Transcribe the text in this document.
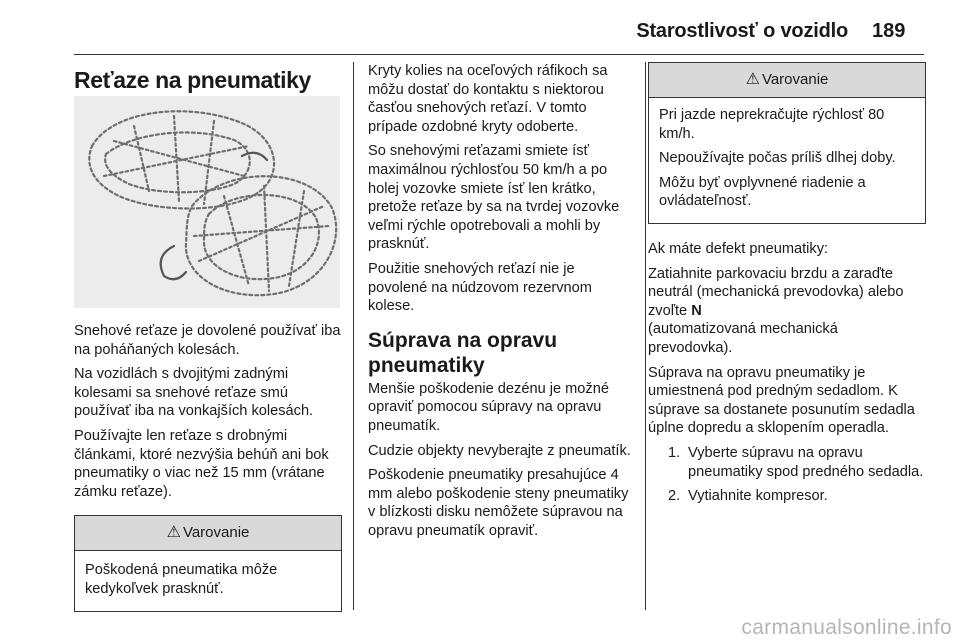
Starostlivosť o vozidlo 189
Reťaze na pneumatiky

Snehové reťaze je dovolené používať iba na poháňaných kolesách.

Na vozidlách s dvojitými zadnými kolesami sa snehové reťaze smú používať iba na vonkajších kolesách.

Používajte len reťaze s drobnými článkami, ktoré nezvýšia behúň ani bok pneumatiky o viac než 15 mm (vrátane zámku reťaze).

⚠ Varovanie

Poškodená pneumatika môže kedykoľvek prasknúť.

Kryty kolies na oceľových ráfikoch sa môžu dostať do kontaktu s niektorou časťou snehových reťazí. V tomto prípade ozdobné kryty odoberte.

So snehovými reťazami smiete ísť maximálnou rýchlosťou 50 km/h a po holej vozovke smiete ísť len krátko, pretože reťaze by sa na tvrdej vozovke veľmi rýchle opotrebovali a mohli by prasknúť.

Použitie snehových reťazí nie je povolené na núdzovom rezervnom kolese.

Súprava na opravu pneumatiky

Menšie poškodenie dezénu je možné opraviť pomocou súpravy na opravu pneumatík.

Cudzie objekty nevyberajte z pneumatík.

Poškodenie pneumatiky presahujúce 4 mm alebo poškodenie steny pneumatiky v blízkosti disku nemôžete súpravou na opravu pneumatík opraviť.

⚠ Varovanie

Pri jazde neprekračujte rýchlosť 80 km/h.

Nepoužívajte počas príliš dlhej doby.

Môžu byť ovplyvnené riadenie a ovládateľnosť.

Ak máte defekt pneumatiky:

Zatiahnite parkovaciu brzdu a zaraďte neutrál (mechanická prevodovka) alebo zvoľte N

(automatizovaná mechanická prevodovka).

Súprava na opravu pneumatiky je umiestnená pod predným sedadlom. K súprave sa dostanete posunutím sedadla úplne dopredu a sklopením operadla.

1. Vyberte súpravu na opravu pneumatiky spod predného sedadla.
2. Vytiahnite kompresor.
carmanualsonline.info
